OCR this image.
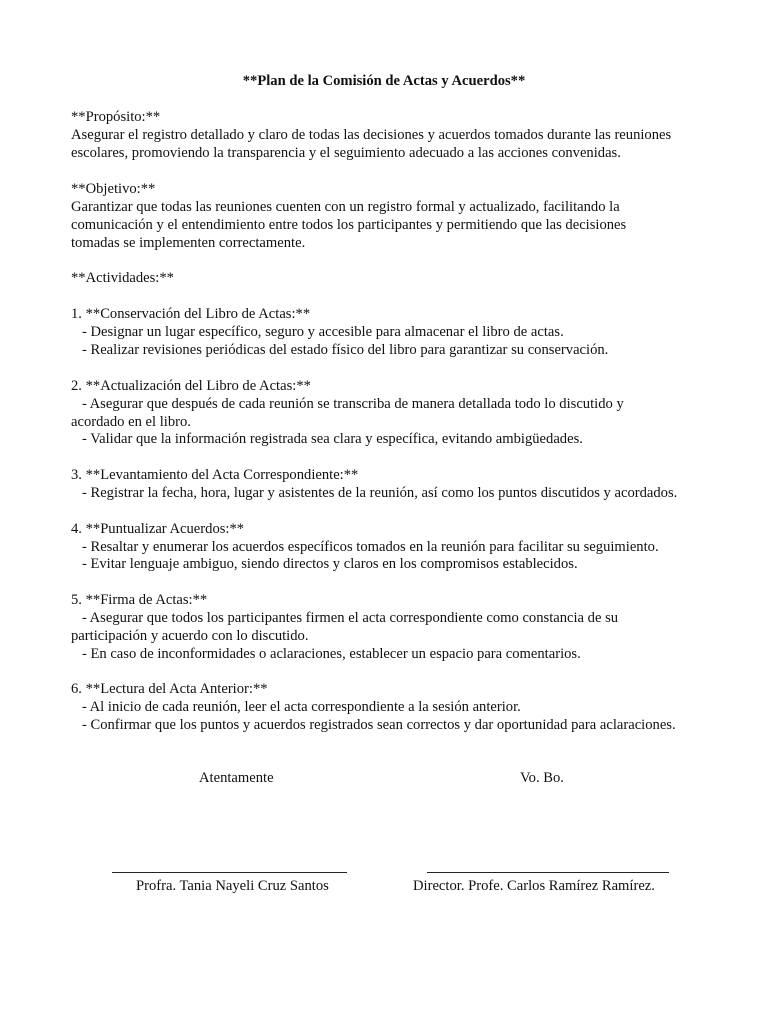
**Plan de la Comisión de Actas y Acuerdos**
**Propósito:**
Asegurar el registro detallado y claro de todas las decisiones y acuerdos tomados durante las reuniones
escolares, promoviendo la transparencia y el seguimiento adecuado a las acciones convenidas.
**Objetivo:**
Garantizar que todas las reuniones cuenten con un registro formal y actualizado, facilitando la
comunicación y el entendimiento entre todos los participantes y permitiendo que las decisiones
tomadas se implementen correctamente.
**Actividades:**
1. **Conservación del Libro de Actas:**
- Designar un lugar específico, seguro y accesible para almacenar el libro de actas.
- Realizar revisiones periódicas del estado físico del libro para garantizar su conservación.
2. **Actualización del Libro de Actas:**
- Asegurar que después de cada reunión se transcriba de manera detallada todo lo discutido y
acordado en el libro.
- Validar que la información registrada sea clara y específica, evitando ambigüedades.
3. **Levantamiento del Acta Correspondiente:**
- Registrar la fecha, hora, lugar y asistentes de la reunión, así como los puntos discutidos y acordados.
4. **Puntualizar Acuerdos:**
- Resaltar y enumerar los acuerdos específicos tomados en la reunión para facilitar su seguimiento.
- Evitar lenguaje ambiguo, siendo directos y claros en los compromisos establecidos.
5. **Firma de Actas:**
- Asegurar que todos los participantes firmen el acta correspondiente como constancia de su
participación y acuerdo con lo discutido.
- En caso de inconformidades o aclaraciones, establecer un espacio para comentarios.
6. **Lectura del Acta Anterior:**
- Al inicio de cada reunión, leer el acta correspondiente a la sesión anterior.
- Confirmar que los puntos y acuerdos registrados sean correctos y dar oportunidad para aclaraciones.
Atentamente	Vo. Bo.
Profra. Tania Nayeli Cruz Santos	Director. Profe. Carlos Ramírez Ramírez.
